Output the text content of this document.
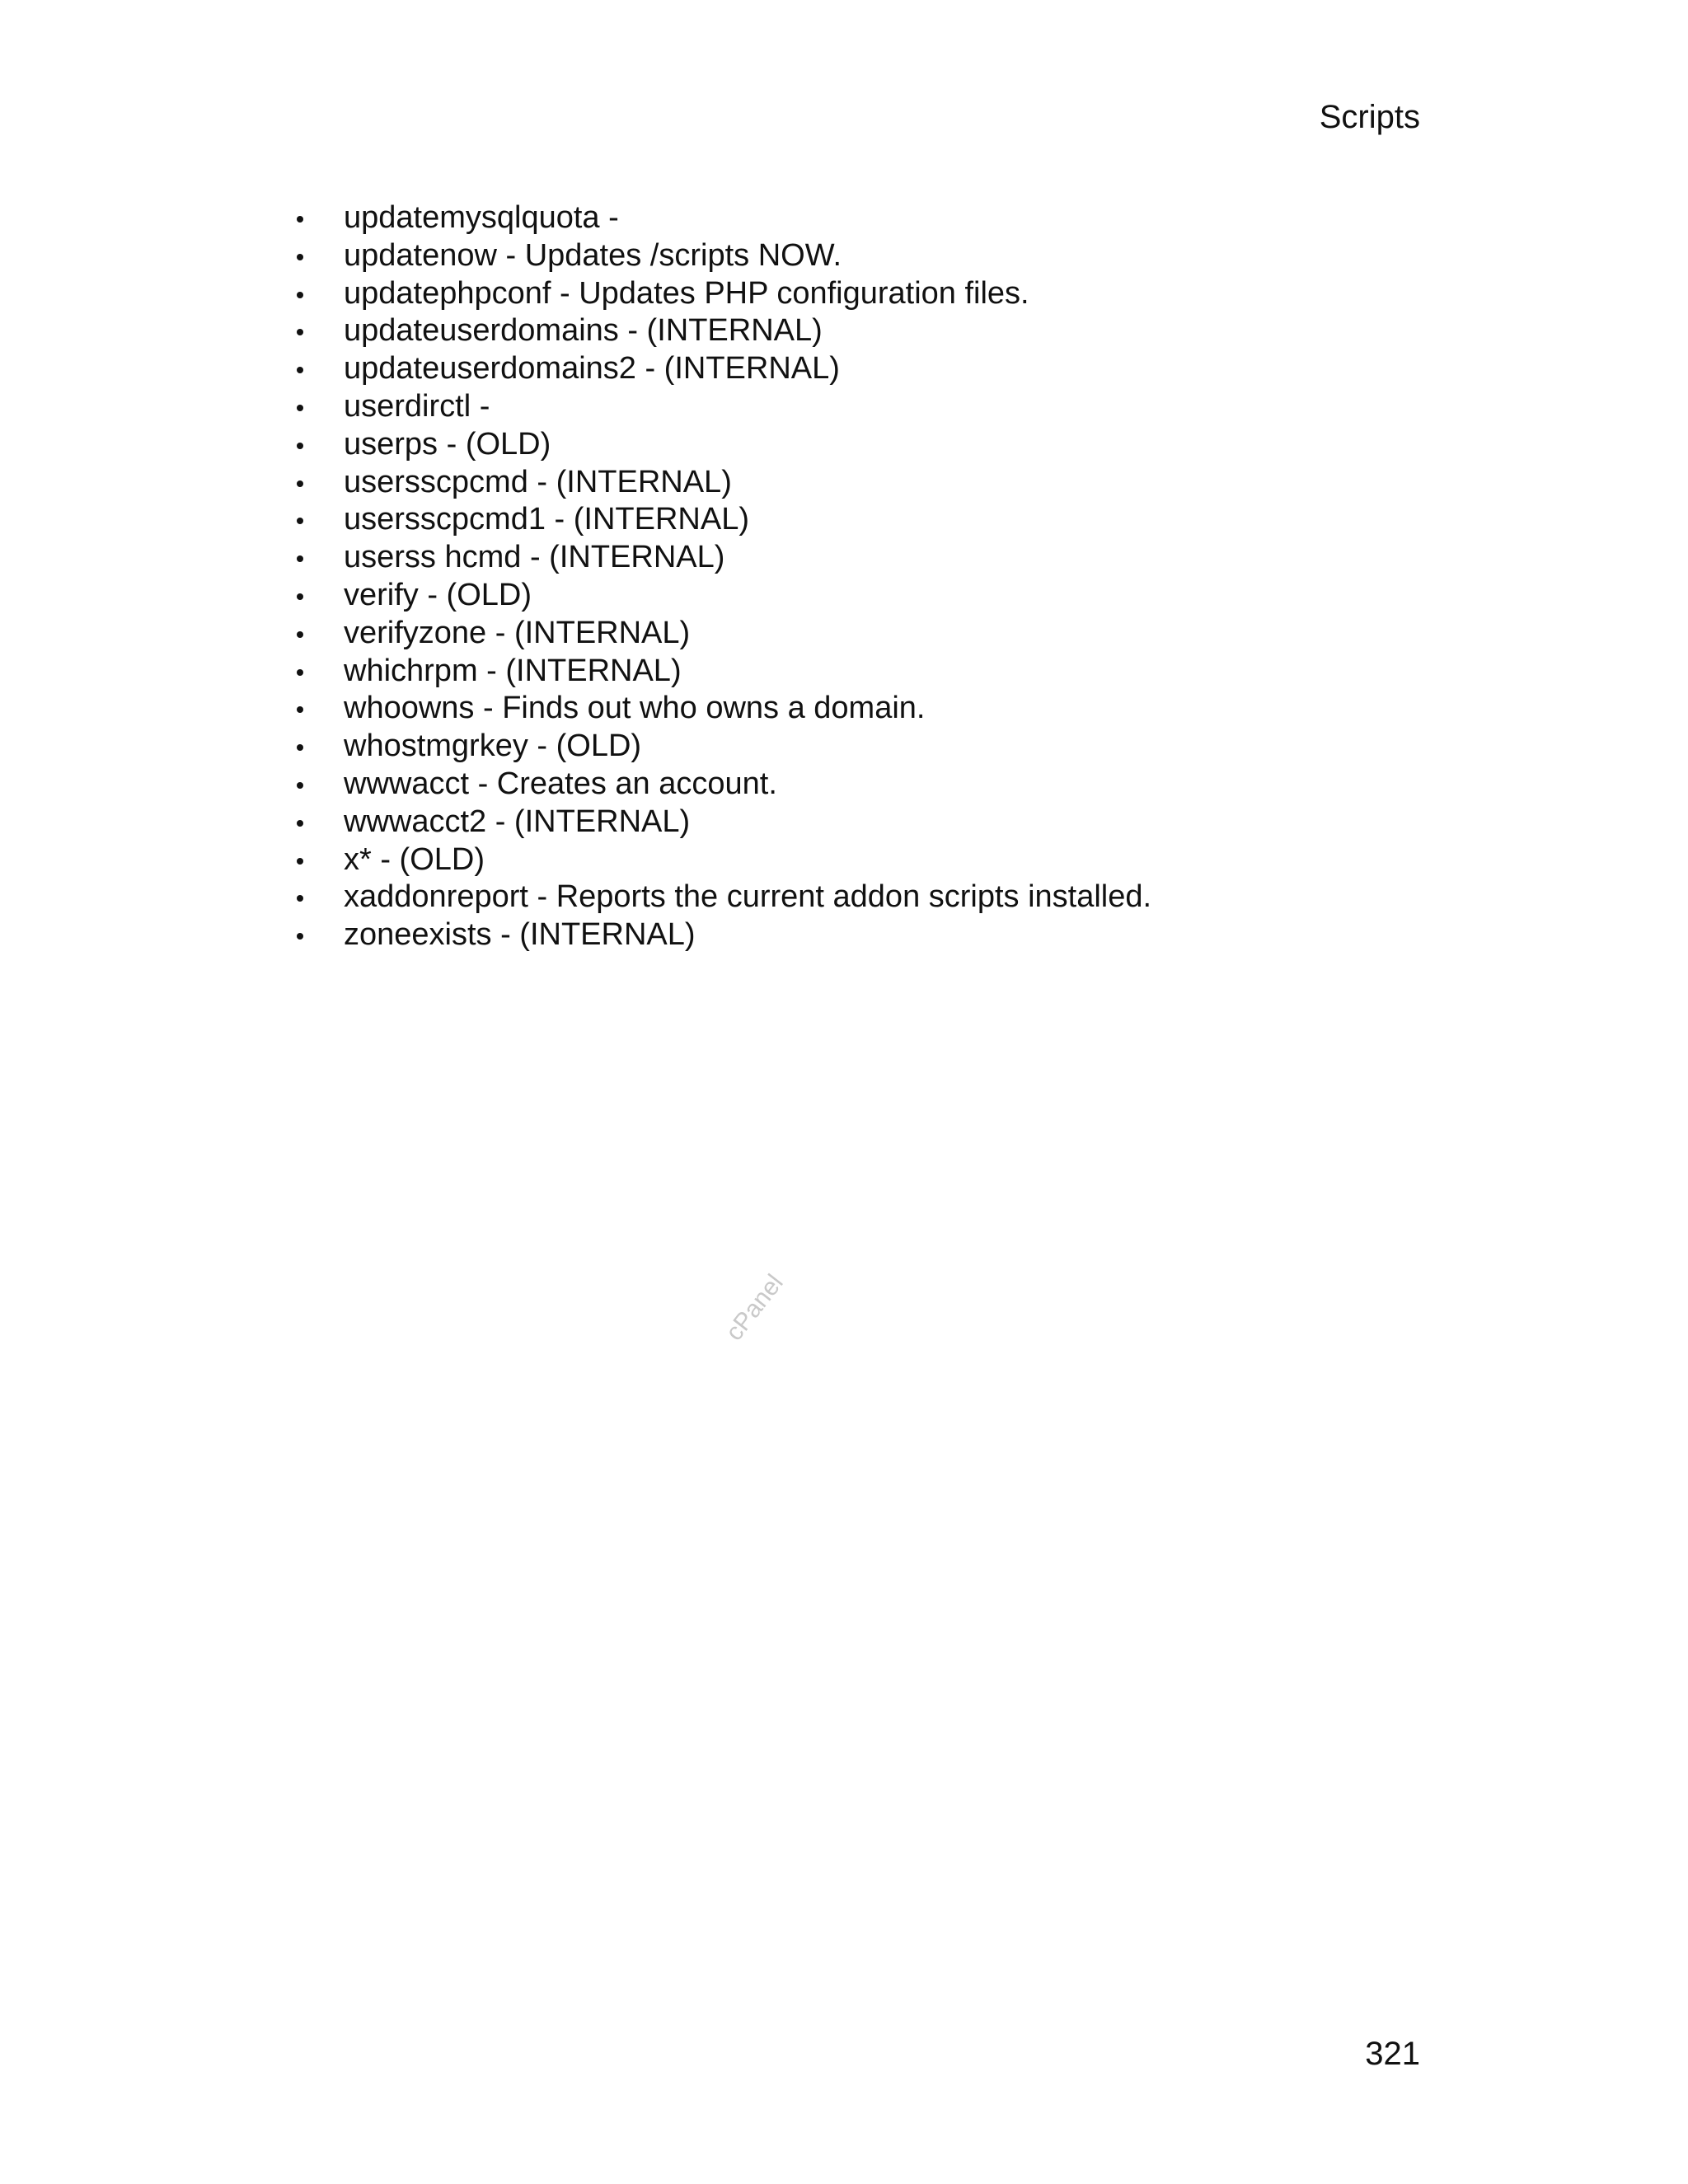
Scripts
updatemysqlquota -
updatenow - Updates /scripts NOW.
updatephpconf - Updates PHP configuration files.
updateuserdomains - (INTERNAL)
updateuserdomains2 - (INTERNAL)
userdirctl -
userps - (OLD)
usersscpcmd - (INTERNAL)
usersscpcmd1 - (INTERNAL)
userss hcmd - (INTERNAL)
verify - (OLD)
verifyzone - (INTERNAL)
whichrpm - (INTERNAL)
whoowns - Finds out who owns a domain.
whostmgrkey - (OLD)
wwwacct - Creates an account.
wwwacct2 - (INTERNAL)
x* - (OLD)
xaddonreport - Reports the current addon scripts installed.
zoneexists - (INTERNAL)
cPanel
321
